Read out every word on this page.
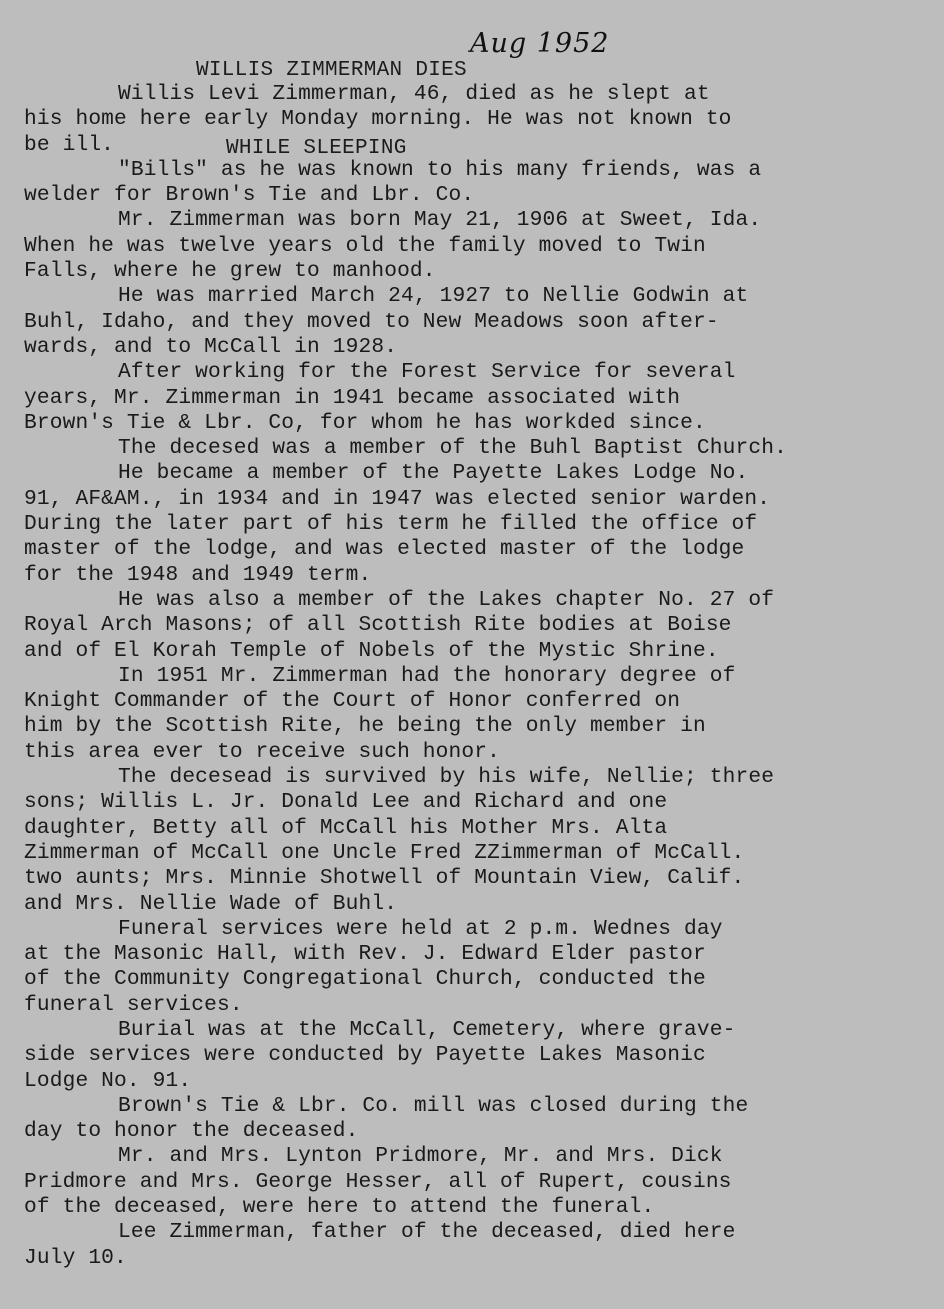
WILLIS ZIMMERMAN DIES

WHILE SLEEPING

Aug 1952

Willis Levi Zimmerman, 46, died as he slept at
his home here early Monday morning. He was not known to
be ill.

"Bills" as he was known to his many friends, was a
welder for Brown's Tie and Lbr. Co.

Mr. Zimmerman was born May 21, 1906 at Sweet, Ida.
When he was twelve years old the family moved to Twin
Falls, where he grew to manhood.

He was married March 24, 1927 to Nellie Godwin at
Buhl, Idaho, and they moved to New Meadows soon after-
wards, and to McCall in 1928.

After working for the Forest Service for several
years, Mr. Zimmerman in 1941 became associated with
Brown's Tie & Lbr. Co, for whom he has workded since.

The decesed was a member of the Buhl Baptist Church.

He became a member of the Payette Lakes Lodge No.
91, AF&AM., in 1934 and in 1947 was elected senior warden.
During the later part of his term he filled the office of
master of the lodge, and was elected master of the lodge
for the 1948 and 1949 term.

He was also a member of the Lakes chapter No. 27 of
Royal Arch Masons; of all Scottish Rite bodies at Boise
and of El Korah Temple of Nobels of the Mystic Shrine.

In 1951 Mr. Zimmerman had the honorary degree of
Knight Commander of the Court of Honor conferred on
him by the Scottish Rite, he being the only member in
this area ever to receive such honor.

The decesead is survived by his wife, Nellie; three
sons; Willis L. Jr. Donald Lee and Richard and one
daughter, Betty all of McCall his Mother Mrs. Alta
Zimmerman of McCall one Uncle Fred ZZimmerman of McCall.
two aunts; Mrs. Minnie Shotwell of Mountain View, Calif.
and Mrs. Nellie Wade of Buhl.

Funeral services were held at 2 p.m. Wednes day
at the Masonic Hall, with Rev. J. Edward Elder pastor
of the Community Congregational Church, conducted the
funeral services.

Burial was at the McCall, Cemetery, where grave-
side services were conducted by Payette Lakes Masonic
Lodge No. 91.

Brown's Tie & Lbr. Co. mill was closed during the
day to honor the deceased.

Mr. and Mrs. Lynton Pridmore, Mr. and Mrs. Dick
Pridmore and Mrs. George Hesser, all of Rupert, cousins
of the deceased, were here to attend the funeral.

Lee Zimmerman, father of the deceased, died here
July 10.
